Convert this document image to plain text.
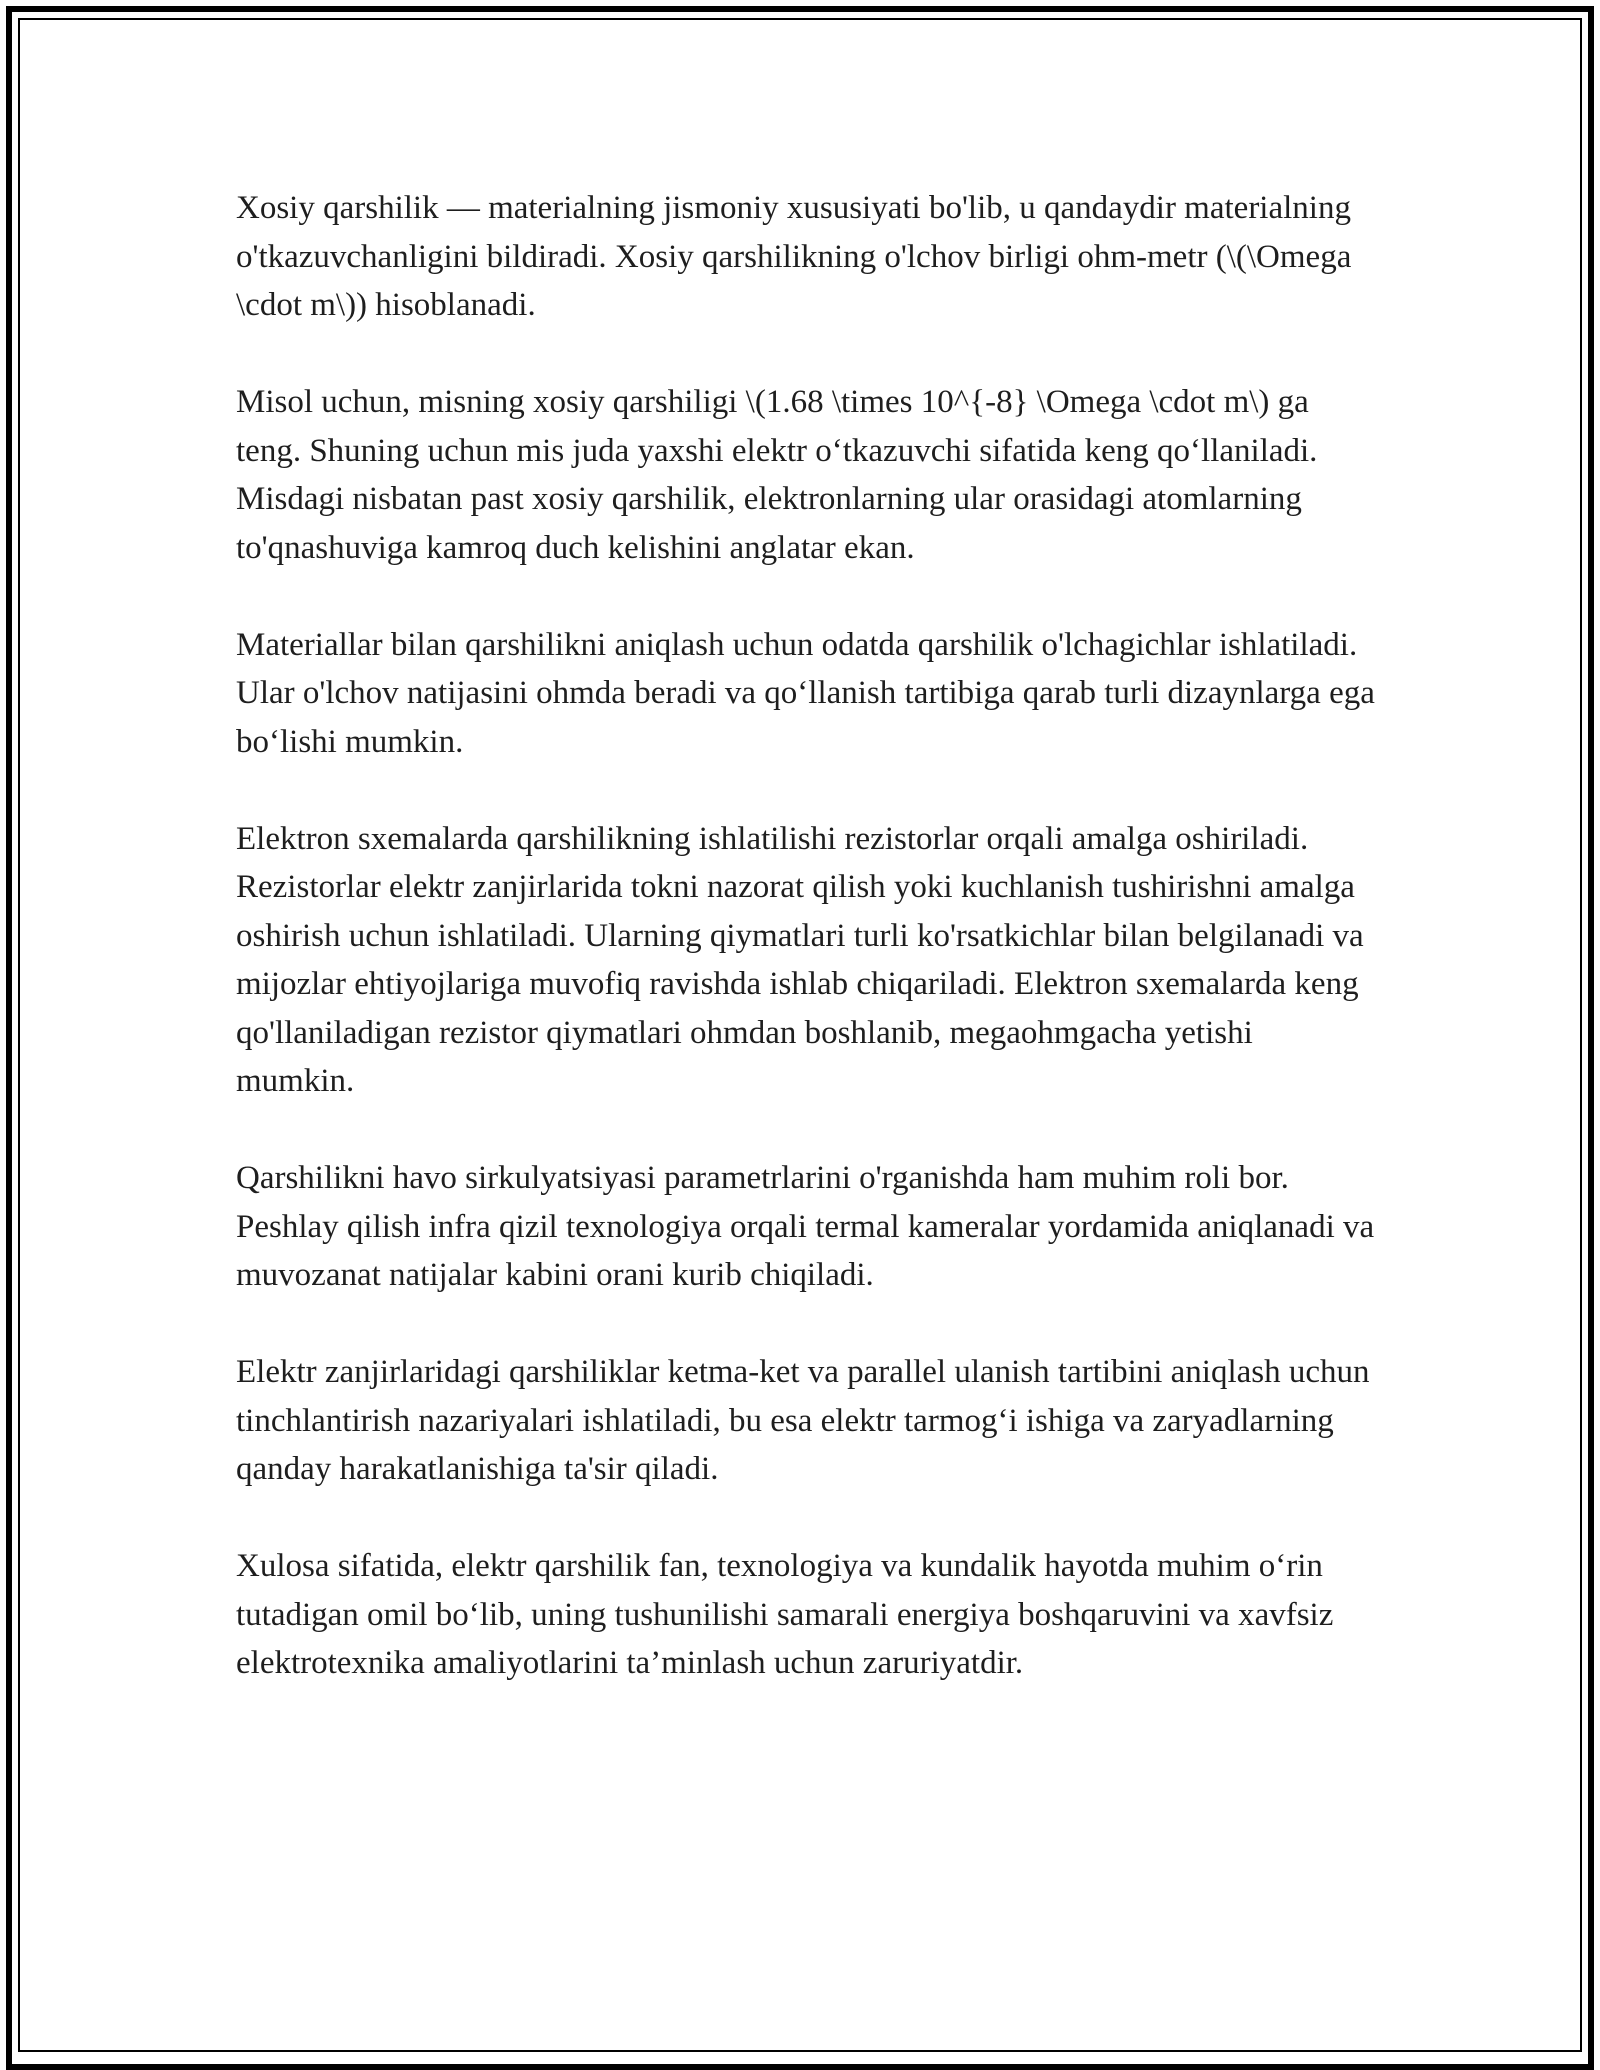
Xosiy qarshilik — materialning jismoniy xususiyati bo'lib, u qandaydir materialning o'tkazuvchanligini bildiradi. Xosiy qarshilikning o'lchov birligi ohm-metr (\(\Omega \cdot m\)) hisoblanadi.

Misol uchun, misning xosiy qarshiligi \(1.68 \times 10^{-8} \Omega \cdot m\) ga teng. Shuning uchun mis juda yaxshi elektr o‘tkazuvchi sifatida keng qo‘llaniladi. Misdagi nisbatan past xosiy qarshilik, elektronlarning ular orasidagi atomlarning to'qnashuviga kamroq duch kelishini anglatar ekan.

Materiallar bilan qarshilikni aniqlash uchun odatda qarshilik o'lchagichlar ishlatiladi. Ular o'lchov natijasini ohmda beradi va qo‘llanish tartibiga qarab turli dizaynlarga ega bo‘lishi mumkin.

Elektron sxemalarda qarshilikning ishlatilishi rezistorlar orqali amalga oshiriladi. Rezistorlar elektr zanjirlarida tokni nazorat qilish yoki kuchlanish tushirishni amalga oshirish uchun ishlatiladi. Ularning qiymatlari turli ko'rsatkichlar bilan belgilanadi va mijozlar ehtiyojlariga muvofiq ravishda ishlab chiqariladi. Elektron sxemalarda keng qo'llaniladigan rezistor qiymatlari ohmdan boshlanib, megaohmgacha yetishi mumkin.

Qarshilikni havo sirkulyatsiyasi parametrlarini o'rganishda ham muhim roli bor. Peshlay qilish infra qizil texnologiya orqali termal kameralar yordamida aniqlanadi va muvozanat natijalar kabini orani kurib chiqiladi.

Elektr zanjirlaridagi qarshiliklar ketma-ket va parallel ulanish tartibini aniqlash uchun tinchlantirish nazariyalari ishlatiladi, bu esa elektr tarmog‘i ishiga va zaryadlarning qanday harakatlanishiga ta'sir qiladi.

Xulosa sifatida, elektr qarshilik fan, texnologiya va kundalik hayotda muhim o‘rin tutadigan omil bo‘lib, uning tushunilishi samarali energiya boshqaruvini va xavfsiz elektrotexnika amaliyotlarini ta’minlash uchun zaruriyatdir.
